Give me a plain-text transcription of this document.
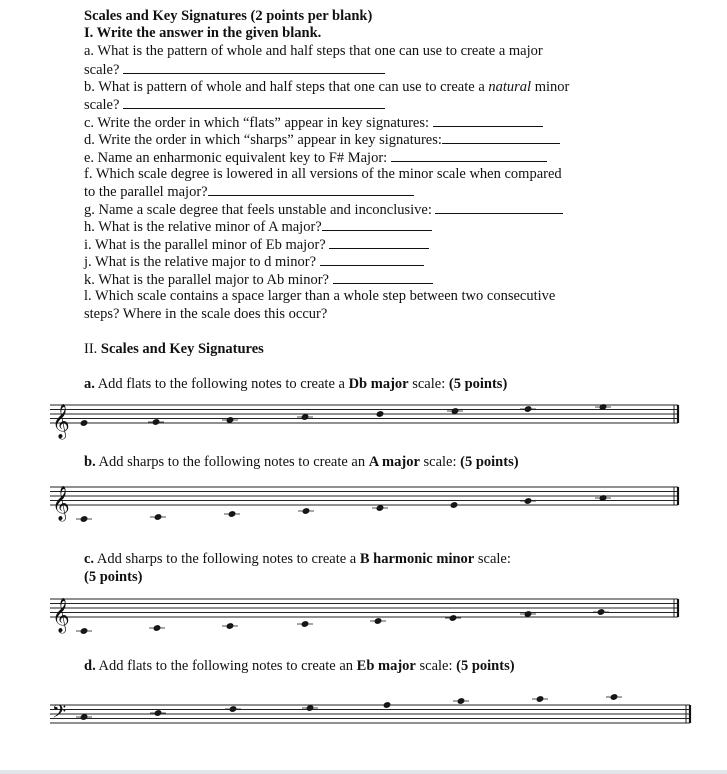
Scales and Key Signatures (2 points per blank)
I. Write the answer in the given blank.
a. What is the pattern of whole and half steps that one can use to create a major
scale?
b. What is pattern of whole and half steps that one can use to create a natural minor
scale?
c. Write the order in which “flats” appear in key signatures:
d. Write the order in which “sharps” appear in key signatures:
e. Name an enharmonic equivalent key to F# Major:
f. Which scale degree is lowered in all versions of the minor scale when compared
to the parallel major?
g. Name a scale degree that feels unstable and inconclusive:
h. What is the relative minor of A major?
i. What is the parallel minor of Eb major?
j. What is the relative major to d minor?
k. What is the parallel major to Ab minor?
l. Which scale contains a space larger than a whole step between two consecutive
steps? Where in the scale does this occur?
II. Scales and Key Signatures
a. Add flats to the following notes to create a Db major scale: (5 points)
b. Add sharps to the following notes to create an A major scale: (5 points)
c. Add sharps to the following notes to create a B harmonic minor scale:
(5 points)
d. Add flats to the following notes to create an Eb major scale: (5 points)
𝄞
𝄞
𝄞
𝄢
